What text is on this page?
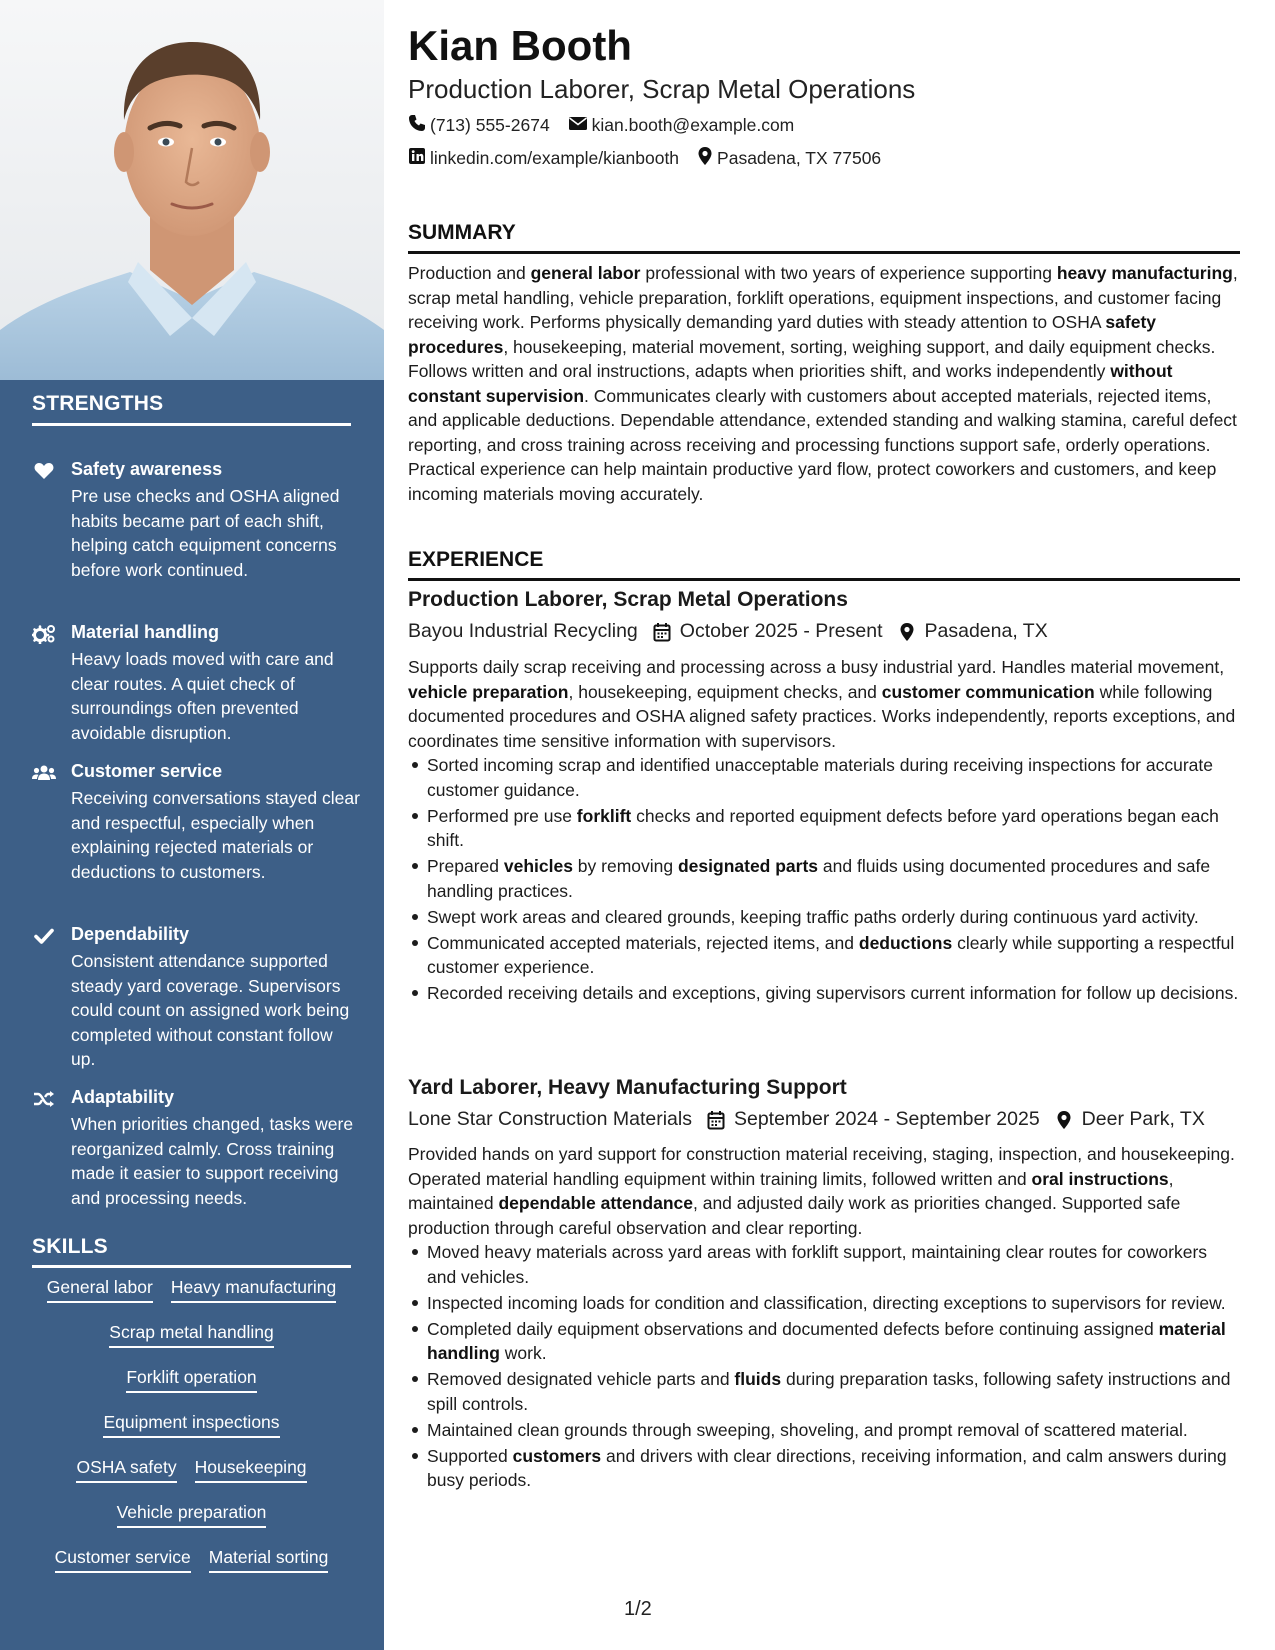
STRENGTHS
Safety awareness
Pre use checks and OSHA aligned habits became part of each shift, helping catch equipment concerns before work continued.
Material handling
Heavy loads moved with care and clear routes. A quiet check of surroundings often prevented avoidable disruption.
Customer service
Receiving conversations stayed clear and respectful, especially when explaining rejected materials or deductions to customers.
Dependability
Consistent attendance supported steady yard coverage. Supervisors could count on assigned work being completed without constant follow up.
Adaptability
When priorities changed, tasks were reorganized calmly. Cross training made it easier to support receiving and processing needs.
SKILLS
General labor Heavy manufacturing
Scrap metal handling
Forklift operation
Equipment inspections
OSHA safety Housekeeping
Vehicle preparation
Customer service Material sorting
Kian Booth
Production Laborer, Scrap Metal Operations
(713) 555-2674 kian.booth@example.com
linkedin.com/example/kianbooth Pasadena, TX 77506
SUMMARY
Production and general labor professional with two years of experience supporting heavy manufacturing, scrap metal handling, vehicle preparation, forklift operations, equipment inspections, and customer facing receiving work. Performs physically demanding yard duties with steady attention to OSHA safety procedures, housekeeping, material movement, sorting, weighing support, and daily equipment checks. Follows written and oral instructions, adapts when priorities shift, and works independently without constant supervision. Communicates clearly with customers about accepted materials, rejected items, and applicable deductions. Dependable attendance, extended standing and walking stamina, careful defect reporting, and cross training across receiving and processing functions support safe, orderly operations. Practical experience can help maintain productive yard flow, protect coworkers and customers, and keep incoming materials moving accurately.
EXPERIENCE
Production Laborer, Scrap Metal Operations
Bayou Industrial Recycling October 2025 - Present Pasadena, TX
Supports daily scrap receiving and processing across a busy industrial yard. Handles material movement, vehicle preparation, housekeeping, equipment checks, and customer communication while following documented procedures and OSHA aligned safety practices. Works independently, reports exceptions, and coordinates time sensitive information with supervisors.
Sorted incoming scrap and identified unacceptable materials during receiving inspections for accurate customer guidance.
Performed pre use forklift checks and reported equipment defects before yard operations began each shift.
Prepared vehicles by removing designated parts and fluids using documented procedures and safe handling practices.
Swept work areas and cleared grounds, keeping traffic paths orderly during continuous yard activity.
Communicated accepted materials, rejected items, and deductions clearly while supporting a respectful customer experience.
Recorded receiving details and exceptions, giving supervisors current information for follow up decisions.
Yard Laborer, Heavy Manufacturing Support
Lone Star Construction Materials September 2024 - September 2025 Deer Park, TX
Provided hands on yard support for construction material receiving, staging, inspection, and housekeeping. Operated material handling equipment within training limits, followed written and oral instructions, maintained dependable attendance, and adjusted daily work as priorities changed. Supported safe production through careful observation and clear reporting.
Moved heavy materials across yard areas with forklift support, maintaining clear routes for coworkers and vehicles.
Inspected incoming loads for condition and classification, directing exceptions to supervisors for review.
Completed daily equipment observations and documented defects before continuing assigned material handling work.
Removed designated vehicle parts and fluids during preparation tasks, following safety instructions and spill controls.
Maintained clean grounds through sweeping, shoveling, and prompt removal of scattered material.
Supported customers and drivers with clear directions, receiving information, and calm answers during busy periods.
1/2
